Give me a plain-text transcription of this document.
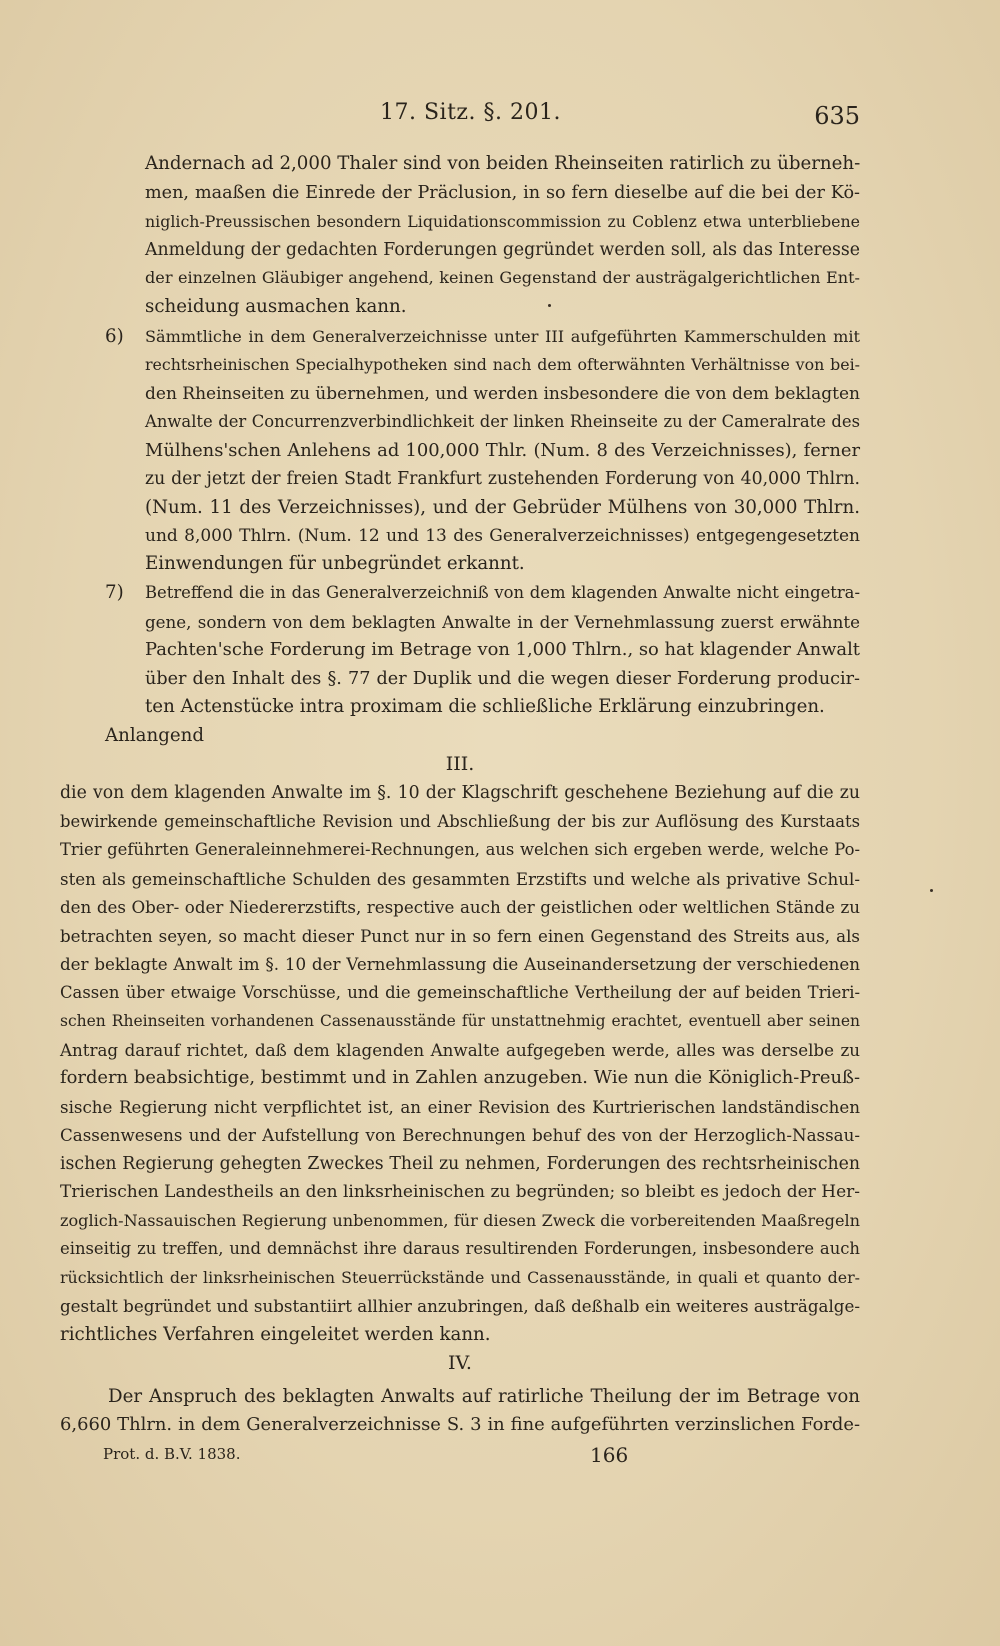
17. Sitz. §. 201.	635
Andernach ad 2,000 Thaler sind von beiden Rheinseiten ratirlich zu überneh-
men, maaßen die Einrede der Präclusion, in so fern dieselbe auf die bei der Kö-
niglich-Preussischen besondern Liquidationscommission zu Coblenz etwa unterbliebene
Anmeldung der gedachten Forderungen gegründet werden soll, als das Interesse
der einzelnen Gläubiger angehend, keinen Gegenstand der austrägalgerichtlichen Ent-
scheidung ausmachen kann.
6) Sämmtliche in dem Generalverzeichnisse unter III aufgeführten Kammerschulden mit
rechtsrheinischen Specialhypotheken sind nach dem ofterwähnten Verhältnisse von bei-
den Rheinseiten zu übernehmen, und werden insbesondere die von dem beklagten
Anwalte der Concurrenzverbindlichkeit der linken Rheinseite zu der Cameralrate des
Mülhens'schen Anlehens ad 100,000 Thlr. (Num. 8 des Verzeichnisses), ferner
zu der jetzt der freien Stadt Frankfurt zustehenden Forderung von 40,000 Thlrn.
(Num. 11 des Verzeichnisses), und der Gebrüder Mülhens von 30,000 Thlrn.
und 8,000 Thlrn. (Num. 12 und 13 des Generalverzeichnisses) entgegengesetzten
Einwendungen für unbegründet erkannt.
7) Betreffend die in das Generalverzeichniß von dem klagenden Anwalte nicht eingetra-
gene, sondern von dem beklagten Anwalte in der Vernehmlassung zuerst erwähnte
Pachten'sche Forderung im Betrage von 1,000 Thlrn., so hat klagender Anwalt
über den Inhalt des §. 77 der Duplik und die wegen dieser Forderung producir-
ten Actenstücke intra proximam die schließliche Erklärung einzubringen.
Anlangend
III.
die von dem klagenden Anwalte im §. 10 der Klagschrift geschehene Beziehung auf die zu
bewirkende gemeinschaftliche Revision und Abschließung der bis zur Auflösung des Kurstaats
Trier geführten Generaleinnehmerei-Rechnungen, aus welchen sich ergeben werde, welche Po-
sten als gemeinschaftliche Schulden des gesammten Erzstifts und welche als privative Schul-
den des Ober- oder Niedererzstifts, respective auch der geistlichen oder weltlichen Stände zu
betrachten seyen, so macht dieser Punct nur in so fern einen Gegenstand des Streits aus, als
der beklagte Anwalt im §. 10 der Vernehmlassung die Auseinandersetzung der verschiedenen
Cassen über etwaige Vorschüsse, und die gemeinschaftliche Vertheilung der auf beiden Trieri-
schen Rheinseiten vorhandenen Cassenausstände für unstattnehmig erachtet, eventuell aber seinen
Antrag darauf richtet, daß dem klagenden Anwalte aufgegeben werde, alles was derselbe zu
fordern beabsichtige, bestimmt und in Zahlen anzugeben. Wie nun die Königlich-Preuß-
sische Regierung nicht verpflichtet ist, an einer Revision des Kurtrierischen landständischen
Cassenwesens und der Aufstellung von Berechnungen behuf des von der Herzoglich-Nassau-
ischen Regierung gehegten Zweckes Theil zu nehmen, Forderungen des rechtsrheinischen
Trierischen Landestheils an den linksrheinischen zu begründen; so bleibt es jedoch der Her-
zoglich-Nassauischen Regierung unbenommen, für diesen Zweck die vorbereitenden Maaßregeln
einseitig zu treffen, und demnächst ihre daraus resultirenden Forderungen, insbesondere auch
rücksichtlich der linksrheinischen Steuerrückstände und Cassenausstände, in quali et quanto der-
gestalt begründet und substantiirt allhier anzubringen, daß deßhalb ein weiteres austrägalge-
richtliches Verfahren eingeleitet werden kann.
IV.
Der Anspruch des beklagten Anwalts auf ratirliche Theilung der im Betrage von
6,660 Thlrn. in dem Generalverzeichnisse S. 3 in fine aufgeführten verzinslichen Forde-
Prot. d. B.V. 1838.	166
